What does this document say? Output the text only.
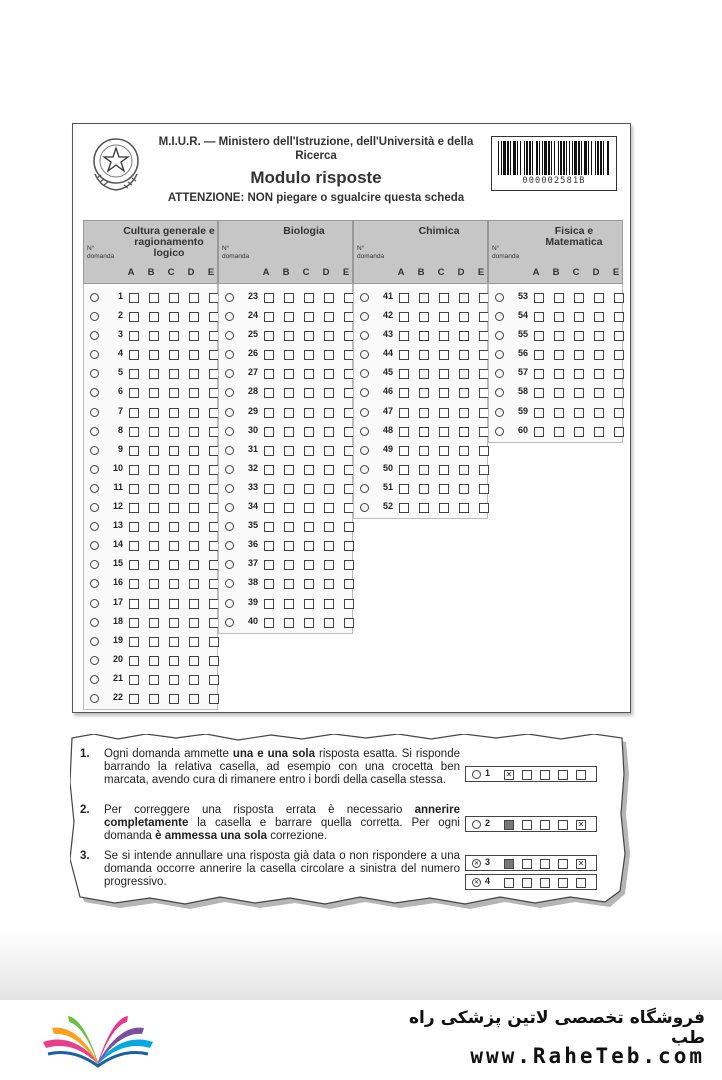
M.I.U.R. — Ministero dell'Istruzione, dell'Università e della Ricerca
Modulo risposte
ATTENZIONE: NON piegare o sgualcire questa scheda
000002581B
Cultura generale e ragionamento logico
N° domanda
A	B	C	D	E
1
2
3
4
5
6
7
8
9
10
11
12
13
14
15
16
17
18
19
20
21
22
Biologia
N° domanda
A	B	C	D	E
23
24
25
26
27
28
29
30
31
32
33
34
35
36
37
38
39
40
Chimica
N° domanda
A	B	C	D	E
41
42
43
44
45
46
47
48
49
50
51
52
Fisica e Matematica
N° domanda
A	B	C	D	E
53
54
55
56
57
58
59
60
1. Ogni domanda ammette una e una sola risposta esatta. Si risponde barrando la relativa casella, ad esempio con una crocetta ben marcata, avendo cura di rimanere entro i bordi della casella stessa.
2. Per correggere una risposta errata è necessario annerire completamente la casella e barrare quella corretta. Per ogni domanda è ammessa una sola correzione.
3. Se si intende annullare una risposta già data o non rispondere a una domanda occorre annerire la casella circolare a sinistra del numero progressivo.
1 ✕
2	✕
✕ 3	✕
✕ 4
فروشگاه تخصصی لاتین پزشکی راه طب
www.RaheTeb.com
